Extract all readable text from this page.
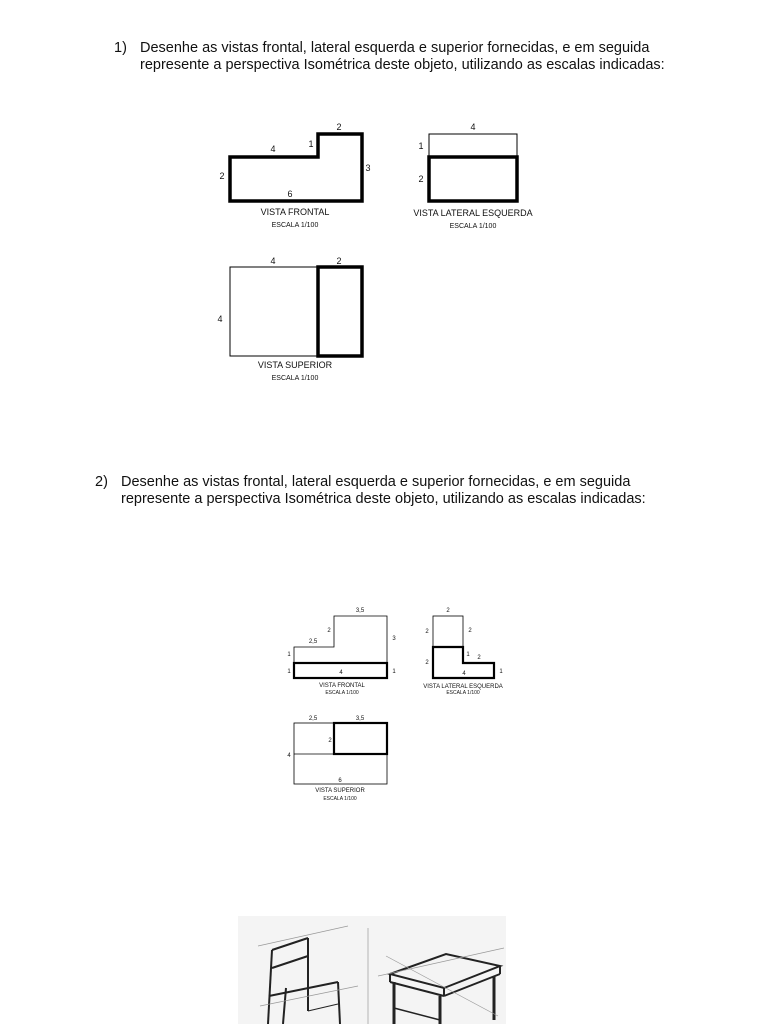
1) Desenhe as vistas frontal, lateral esquerda e superior fornecidas, e em seguida
represente a perspectiva Isométrica deste objeto, utilizando as escalas indicadas:
2
1
4
3
2
6
VISTA FRONTAL
ESCALA 1/100
4
1
2
VISTA LATERAL ESQUERDA
ESCALA 1/100
4	2
4
VISTA SUPERIOR
ESCALA 1/100
2) Desenhe as vistas frontal, lateral esquerda e superior fornecidas, e em seguida
represente a perspectiva Isométrica deste objeto, utilizando as escalas indicadas:
3,5
2
2,5
1
3
1	4	1
VISTA FRONTAL
ESCALA 1/100
2
2	2
1 2
2
4	1
VISTA LATERAL ESQUERDA
ESCALA 1/100
2,5	3,5
2
4
6
VISTA SUPERIOR
ESCALA 1/100
